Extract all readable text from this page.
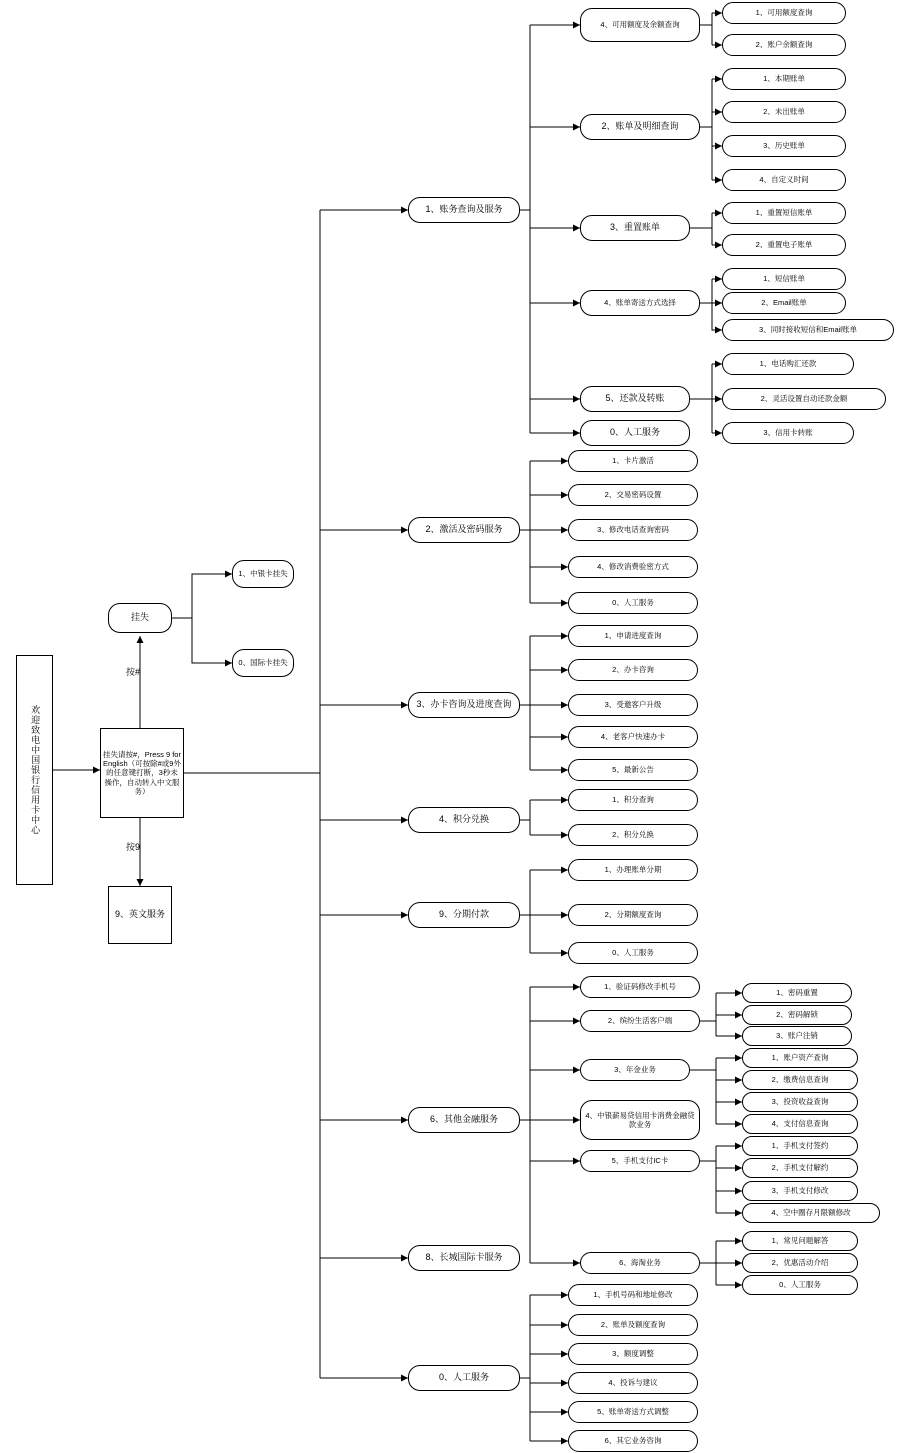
欢迎致电中国银行信用卡中心	挂失请按#，Press 9 for English（可按除#或9外的任意键打断，3秒未操作，自动转入中文服务）
按#
按9
挂失
1、中银卡挂失
0、国际卡挂失
9、英文服务
1、账务查询及服务
2、激活及密码服务
3、办卡咨询及进度查询
4、积分兑换
9、分期付款
6、其他金融服务
8、长城国际卡服务
0、人工服务
4、可用额度及余额查询
2、账单及明细查询
3、重置账单
4、账单寄送方式选择
5、还款及转账
0、人工服务
1、可用额度查询
2、账户余额查询
1、本期账单
2、未出账单
3、历史账单
4、自定义时间
1、重置短信账单
2、重置电子账单
1、短信账单
2、Email账单
3、同时接收短信和Email账单
1、电话购汇还款
2、灵活设置自动还款金额
3、信用卡转账
1、卡片激活
2、交易密码设置
3、修改电话查询密码
4、修改消费验密方式
0、人工服务
1、申请进度查询
2、办卡咨询
3、受邀客户升级
4、老客户快速办卡
5、最新公告
1、积分查询
2、积分兑换
1、办理账单分期
2、分期额度查询
0、人工服务
1、验证码修改手机号
2、缤纷生活客户端
3、年金业务
4、中银薪易贷信用卡消费金融贷款业务
5、手机支付IC卡
6、海淘业务
1、密码重置
2、密码解锁
3、账户注销
1、账户资产查询
2、缴费信息查询
3、投资收益查询
4、支付信息查询
1、手机支付签约
2、手机支付解约
3、手机支付修改
4、空中圈存月限额修改
1、常见问题解答
2、优惠活动介绍
0、人工服务
1、手机号码和地址修改
2、账单及额度查询
3、额度调整
4、投诉与建议
5、账单寄送方式调整
6、其它业务咨询
